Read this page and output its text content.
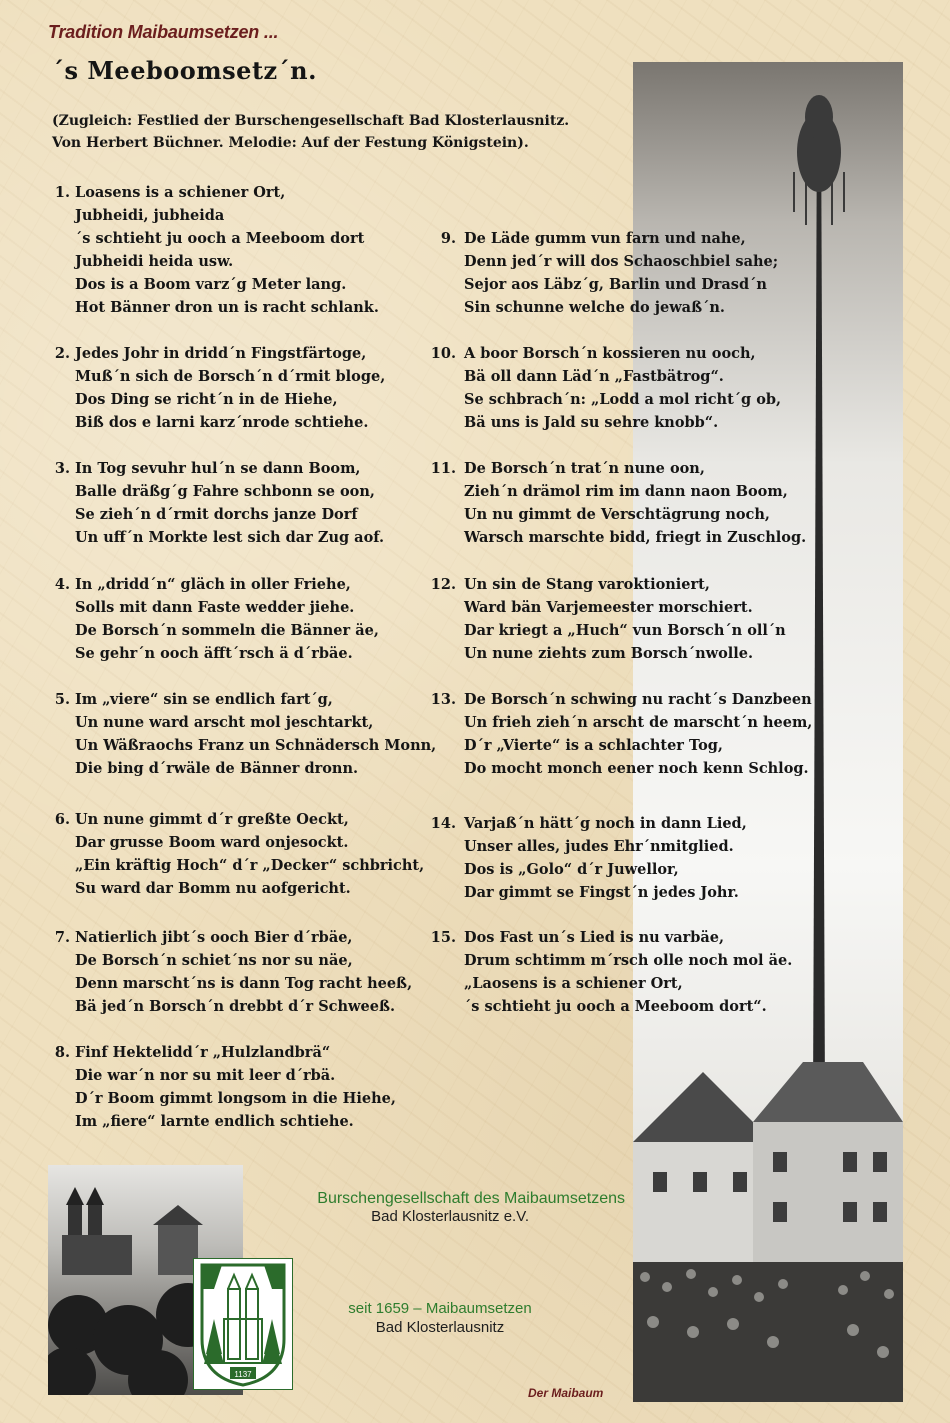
Tradition Maibaumsetzen ...
´s Meeboomsetz´n.
(Zugleich: Festlied der Burschengesellschaft Bad Klosterlausnitz.
Von Herbert Büchner. Melodie: Auf der Festung Königstein).
1. Loasens is a schiener Ort,
Jubheidi, jubheida
´s schtieht ju ooch a Meeboom dort
Jubheidi heida usw.
Dos is a Boom varz´g Meter lang.
Hot Bänner dron un is racht schlank.
2. Jedes Johr in dridd´n Fingstfärtoge,
Muß´n sich de Borsch´n d´rmit bloge,
Dos Ding se richt´n in de Hiehe,
Biß dos e larni karz´nrode schtiehe.
3. In Tog sevuhr hul´n se dann Boom,
Balle dräßg´g Fahre schbonn se oon,
Se zieh´n d´rmit dorchs janze Dorf
Un uff´n Morkte lest sich dar Zug aof.
4. In „dridd´n“ gläch in oller Friehe,
Solls mit dann Faste wedder jiehe.
De Borsch´n sommeln die Bänner äe,
Se gehr´n ooch äfft´rsch ä d´rbäe.
5. Im „viere“ sin se endlich fart´g,
Un nune ward arscht mol jeschtarkt,
Un Wäßraochs Franz un Schnädersch Monn,
Die bing d´rwäle de Bänner dronn.
6. Un nune gimmt d´r greßte Oeckt,
Dar grusse Boom ward onjesockt.
„Ein kräftig Hoch“ d´r „Decker“ schbricht,
Su ward dar Bomm nu aofgericht.
7. Natierlich jibt´s ooch Bier d´rbäe,
De Borsch´n schiet´ns nor su näe,
Denn marscht´ns is dann Tog racht heeß,
Bä jed´n Borsch´n drebbt d´r Schweeß.
8. Finf Hektelidd´r „Hulzlandbrä“
Die war´n nor su mit leer d´rbä.
D´r Boom gimmt longsom in die Hiehe,
Im „fiere“ larnte endlich schtiehe.
9. De Läde gumm vun farn und nahe,
Denn jed´r will dos Schaoschbiel sahe;
Sejor aos Läbz´g, Barlin und Drasd´n
Sin schunne welche do jewaß´n.
10. A boor Borsch´n kossieren nu ooch,
Bä oll dann Läd´n „Fastbätrog“.
Se schbrach´n: „Lodd a mol richt´g ob,
Bä uns is Jald su sehre knobb“.
11. De Borsch´n trat´n nune oon,
Zieh´n drämol rim im dann naon Boom,
Un nu gimmt de Verschtägrung noch,
Warsch marschte bidd, friegt in Zuschlog.
12. Un sin de Stang varoktioniert,
Ward bän Varjemeester morschiert.
Dar kriegt a „Huch“ vun Borsch´n oll´n
Un nune ziehts zum Borsch´nwolle.
13. De Borsch´n schwing nu racht´s Danzbeen
Un frieh zieh´n arscht de marscht´n heem,
D´r „Vierte“ is a schlachter Tog,
Do mocht monch eener noch kenn Schlog.
14. Varjaß´n hätt´g noch in dann Lied,
Unser alles, judes Ehr´nmitglied.
Dos is „Golo“ d´r Juwellor,
Dar gimmt se Fingst´n jedes Johr.
15. Dos Fast un´s Lied is nu varbäe,
Drum schtimm m´rsch olle noch mol äe.
„Laosens is a schiener Ort,
´s schtieht ju ooch a Meeboom dort“.
1137
Burschengesellschaft des Maibaumsetzens
Bad Klosterlausnitz e.V.
seit 1659 – Maibaumsetzen
Bad Klosterlausnitz
Der Maibaum
